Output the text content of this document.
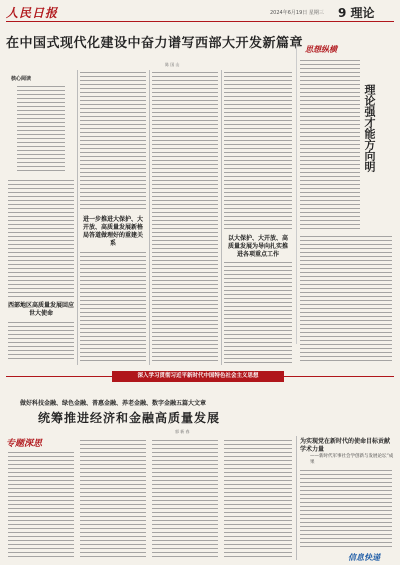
人民日报	2024年6月19日 星期三 9 理论
在中国式现代化建设中奋力谱写西部大开发新篇章
陈 国 山
核心阅读
西部地区高质量发展回应世大使命
进一步推进大保护、大开放、高质量发展新格局答道做理好的重建关系
以大保护、大开放、高质量发展为导向扎实推进各项重点工作
思想纵横
理论强才能方向明
深入学习贯彻习近平新时代中国特色社会主义思想
做好科技金融、绿色金融、普惠金融、养老金融、数字金融五篇大文章
统筹推进经济和金融高质量发展
郭 新 春
专题深思	为实现党在新时代的使命目标贡献学术力量
——新时代军事社会学创新与发展论坛“成果
信息快递
